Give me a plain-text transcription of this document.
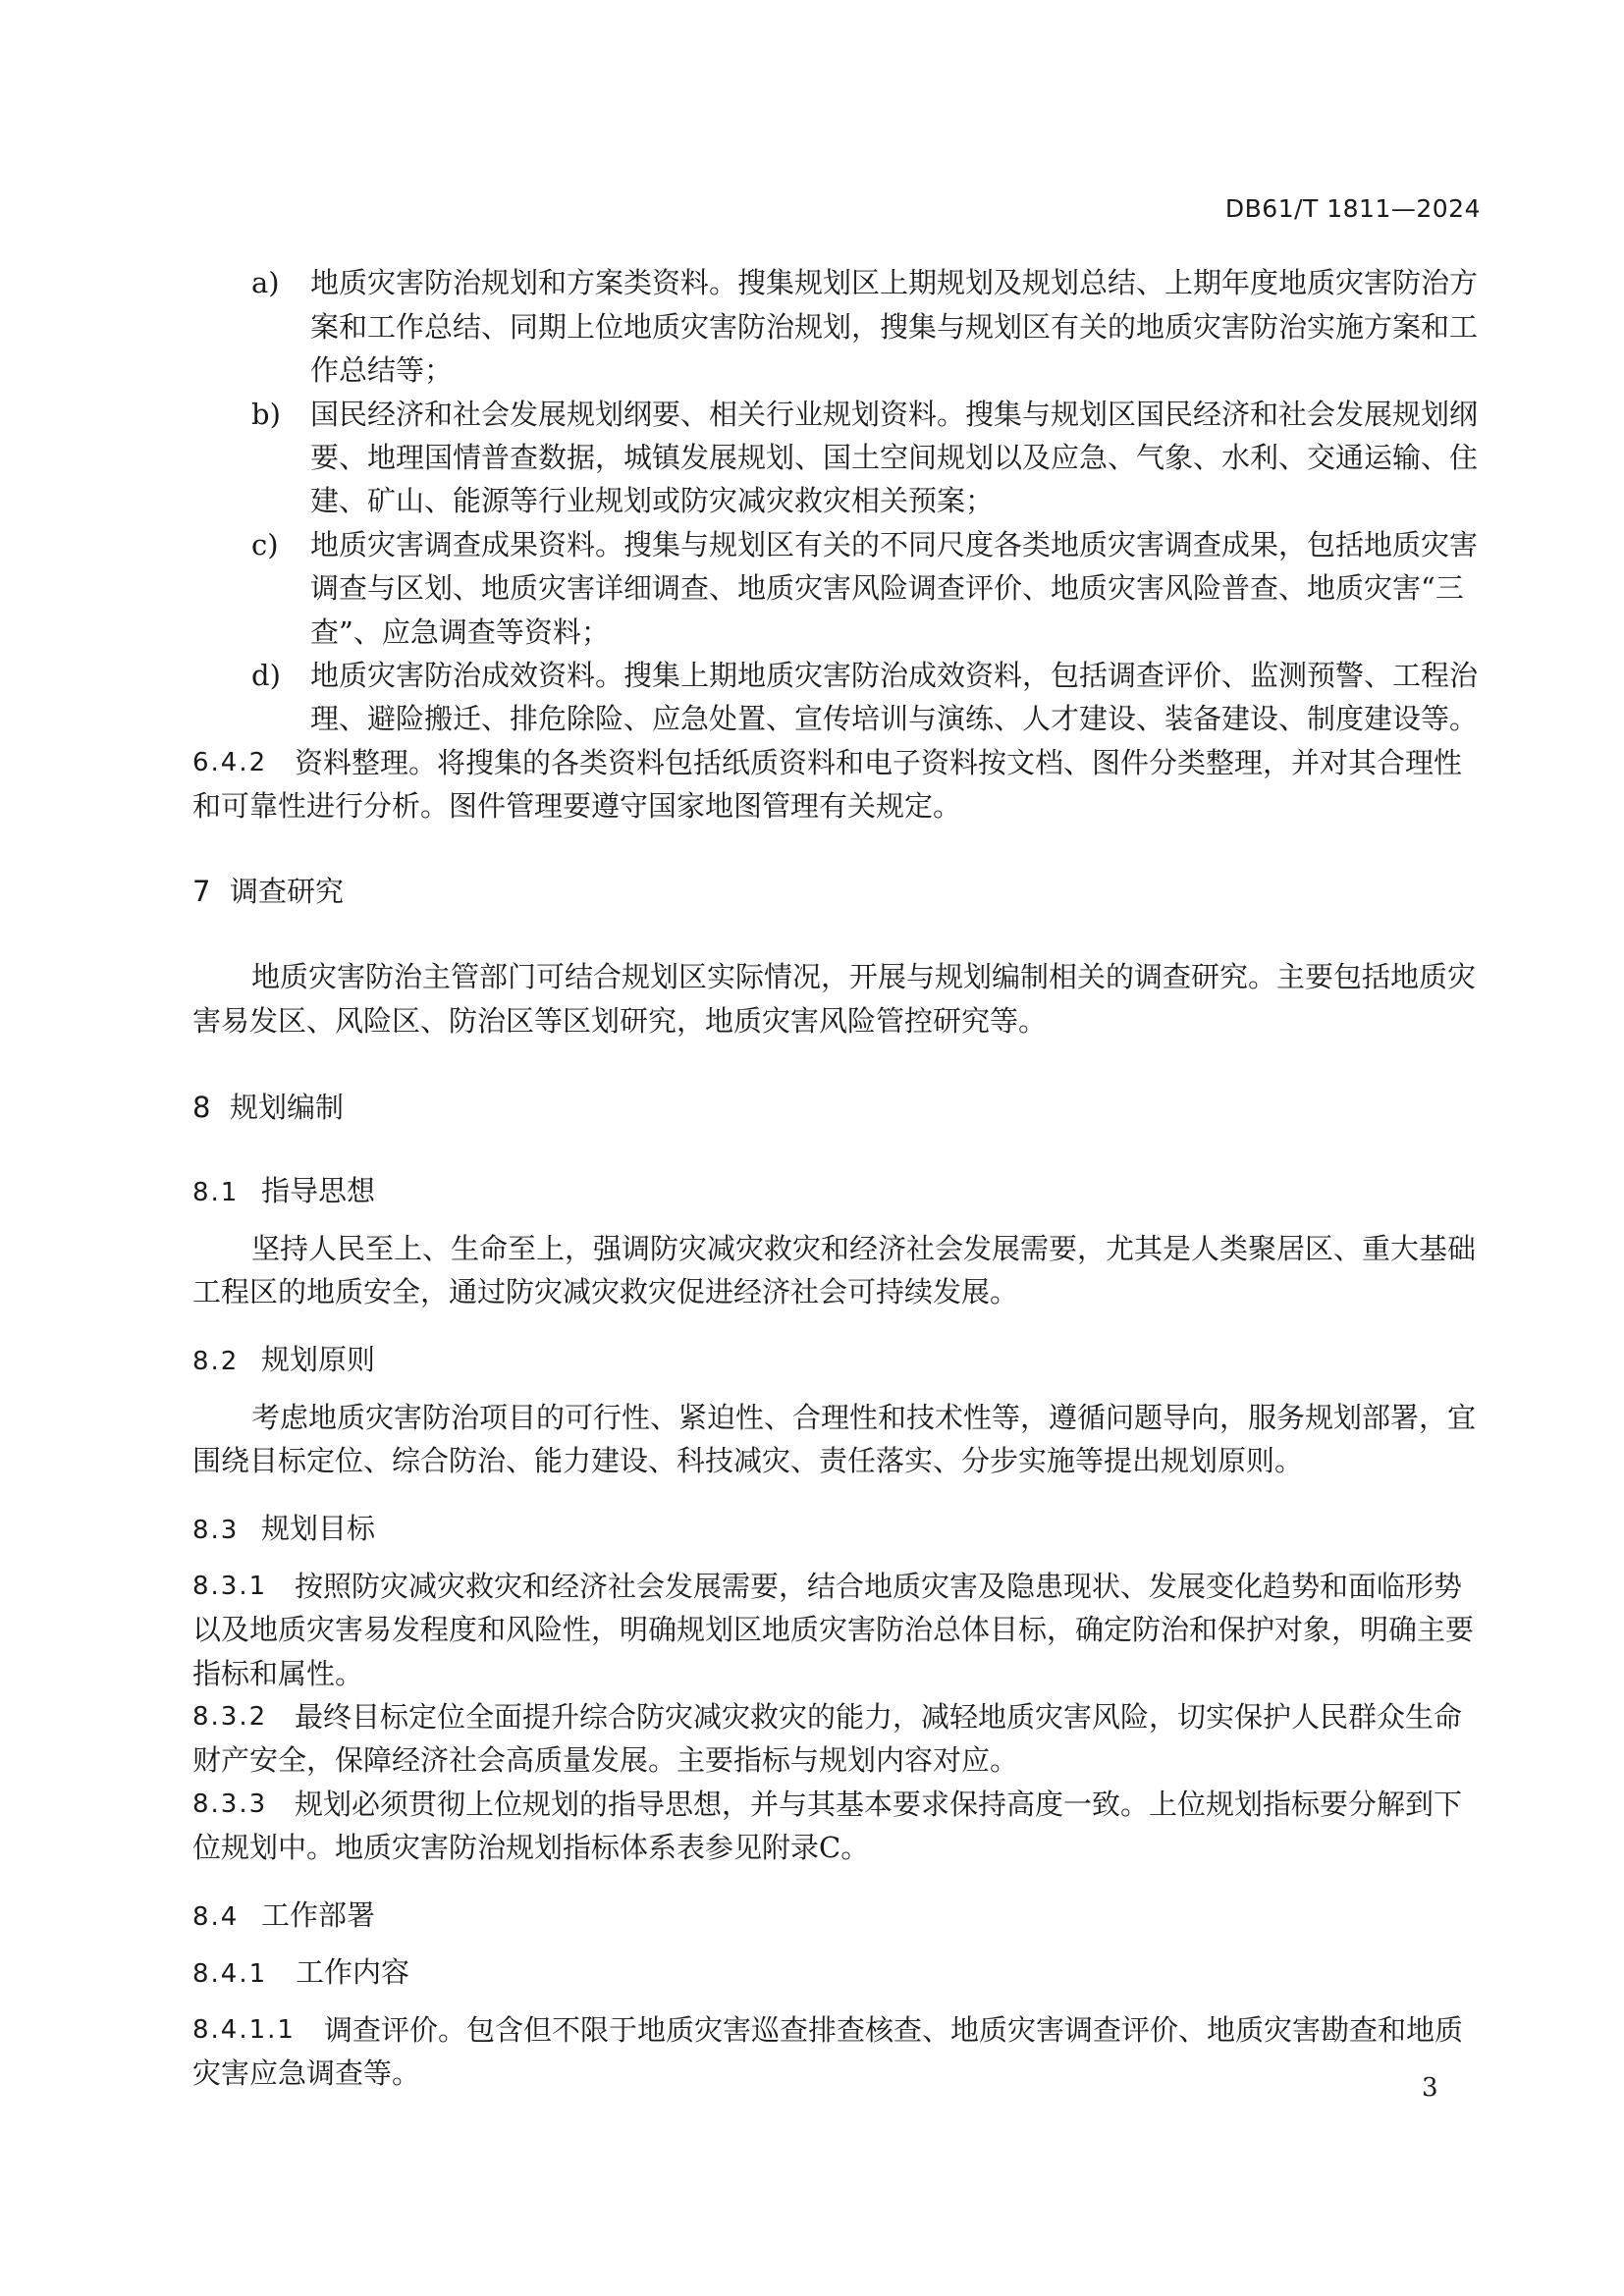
DB61/T 1811—2024
a) 地质灾害防治规划和方案类资料。搜集规划区上期规划及规划总结、上期年度地质灾害防治方

案和工作总结、同期上位地质灾害防治规划，搜集与规划区有关的地质灾害防治实施方案和工

作总结等；

b) 国民经济和社会发展规划纲要、相关行业规划资料。搜集与规划区国民经济和社会发展规划纲

要、地理国情普查数据，城镇发展规划、国土空间规划以及应急、气象、水利、交通运输、住

建、矿山、能源等行业规划或防灾减灾救灾相关预案；

c) 地质灾害调查成果资料。搜集与规划区有关的不同尺度各类地质灾害调查成果，包括地质灾害

调查与区划、地质灾害详细调查、地质灾害风险调查评价、地质灾害风险普查、地质灾害“三

查”、应急调查等资料；

d) 地质灾害防治成效资料。搜集上期地质灾害防治成效资料，包括调查评价、监测预警、工程治

理、避险搬迁、排危除险、应急处置、宣传培训与演练、人才建设、装备建设、制度建设等。

6.4.2 资料整理。将搜集的各类资料包括纸质资料和电子资料按文档、图件分类整理，并对其合理性

和可靠性进行分析。图件管理要遵守国家地图管理有关规定。

7 调查研究

地质灾害防治主管部门可结合规划区实际情况，开展与规划编制相关的调查研究。主要包括地质灾

害易发区、风险区、防治区等区划研究，地质灾害风险管控研究等。

8 规划编制
8.1 指导思想

坚持人民至上、生命至上，强调防灾减灾救灾和经济社会发展需要，尤其是人类聚居区、重大基础

工程区的地质安全，通过防灾减灾救灾促进经济社会可持续发展。

8.2 规划原则

考虑地质灾害防治项目的可行性、紧迫性、合理性和技术性等，遵循问题导向，服务规划部署，宜

围绕目标定位、综合防治、能力建设、科技减灾、责任落实、分步实施等提出规划原则。

8.3 规划目标
8.3.1 按照防灾减灾救灾和经济社会发展需要，结合地质灾害及隐患现状、发展变化趋势和面临形势

以及地质灾害易发程度和风险性，明确规划区地质灾害防治总体目标，确定防治和保护对象，明确主要

指标和属性。

8.3.2 最终目标定位全面提升综合防灾减灾救灾的能力，减轻地质灾害风险，切实保护人民群众生命

财产安全，保障经济社会高质量发展。主要指标与规划内容对应。

8.3.3 规划必须贯彻上位规划的指导思想，并与其基本要求保持高度一致。上位规划指标要分解到下

位规划中。地质灾害防治规划指标体系表参见附录C。

8.4 工作部署
8.4.1 工作内容
8.4.1.1 调查评价。包含但不限于地质灾害巡查排查核查、地质灾害调查评价、地质灾害勘查和地质

灾害应急调查等。	3
